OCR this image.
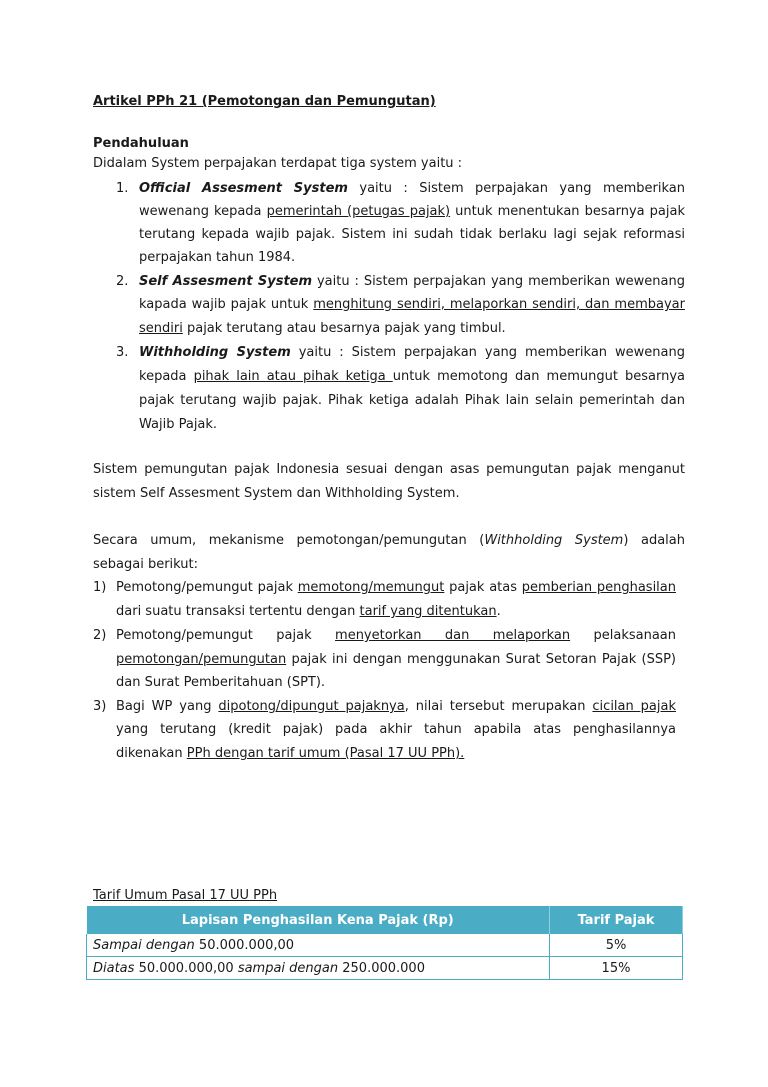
Artikel PPh 21 (Pemotongan dan Pemungutan)
Pendahuluan
Didalam System perpajakan terdapat tiga system yaitu :
1. Official Assesment System yaitu : Sistem perpajakan yang memberikan
wewenang kepada pemerintah (petugas pajak) untuk menentukan besarnya pajak
terutang kepada wajib pajak. Sistem ini sudah tidak berlaku lagi sejak reformasi
perpajakan tahun 1984.
2. Self Assesment System yaitu : Sistem perpajakan yang memberikan wewenang
kapada wajib pajak untuk menghitung sendiri, melaporkan sendiri, dan membayar
sendiri pajak terutang atau besarnya pajak yang timbul.
3. Withholding System yaitu : Sistem perpajakan yang memberikan wewenang
kepada pihak lain atau pihak ketiga untuk memotong dan memungut besarnya
pajak terutang wajib pajak. Pihak ketiga adalah Pihak lain selain pemerintah dan
Wajib Pajak.
Sistem pemungutan pajak Indonesia sesuai dengan asas pemungutan pajak menganut
sistem Self Assesment System dan Withholding System.
Secara umum, mekanisme pemotongan/pemungutan (Withholding System) adalah
sebagai berikut:
1) Pemotong/pemungut pajak memotong/memungut pajak atas pemberian penghasilan
dari suatu transaksi tertentu dengan tarif yang ditentukan.
2) Pemotong/pemungut pajak menyetorkan dan melaporkan pelaksanaan
pemotongan/pemungutan pajak ini dengan menggunakan Surat Setoran Pajak (SSP)
dan Surat Pemberitahuan (SPT).
3) Bagi WP yang dipotong/dipungut pajaknya, nilai tersebut merupakan cicilan pajak
yang terutang (kredit pajak) pada akhir tahun apabila atas penghasilannya
dikenakan PPh dengan tarif umum (Pasal 17 UU PPh).
Tarif Umum Pasal 17 UU PPh
Lapisan Penghasilan Kena Pajak (Rp)	Tarif Pajak
Sampai dengan 50.000.000,00	5%
Diatas 50.000.000,00 sampai dengan 250.000.000	15%
